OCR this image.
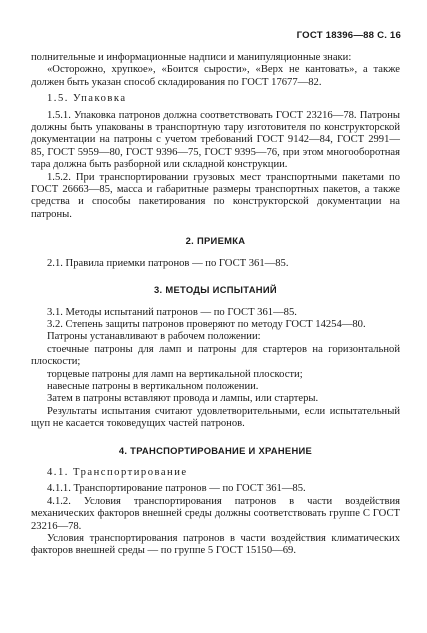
ГОСТ 18396—88 С. 16

полнительные и информационные надписи и манипуляционные знаки:

«Осторожно, хрупкое», «Боится сырости», «Верх не кантовать», а также должен быть указан способ складирования по ГОСТ 17677—82.

1.5. Упаковка

1.5.1. Упаковка патронов должна соответствовать ГОСТ 23216—78. Патроны должны быть упакованы в транспортную тару изготовителя по конструкторской документации на патроны с учетом требований ГОСТ 9142—84, ГОСТ 2991—85, ГОСТ 5959—80, ГОСТ 9396—75, ГОСТ 9395—76, при этом многооборотная тара должна быть разборной или складной конструкции.

1.5.2. При транспортировании грузовых мест транспортными пакетами по ГОСТ 26663—85, масса и габаритные размеры транспортных пакетов, а также средства и способы пакетирования по конструкторской документации на патроны.

2. ПРИЕМКА

2.1. Правила приемки патронов — по ГОСТ 361—85.

3. МЕТОДЫ ИСПЫТАНИЙ

3.1. Методы испытаний патронов — по ГОСТ 361—85.

3.2. Степень защиты патронов проверяют по методу ГОСТ 14254—80.

Патроны устанавливают в рабочем положении:

стоечные патроны для ламп и патроны для стартеров на горизонтальной плоскости;

торцевые патроны для ламп на вертикальной плоскости;

навесные патроны в вертикальном положении.

Затем в патроны вставляют провода и лампы, или стартеры.

Результаты испытания считают удовлетворительными, если испытательный щуп не касается токоведущих частей патронов.

4. ТРАНСПОРТИРОВАНИЕ И ХРАНЕНИЕ

4.1. Транспортирование

4.1.1. Транспортирование патронов — по ГОСТ 361—85.

4.1.2. Условия транспортирования патронов в части воздействия механических факторов внешней среды должны соответствовать группе С ГОСТ 23216—78.

Условия транспортирования патронов в части воздействия климатических факторов внешней среды — по группе 5 ГОСТ 15150—69.
